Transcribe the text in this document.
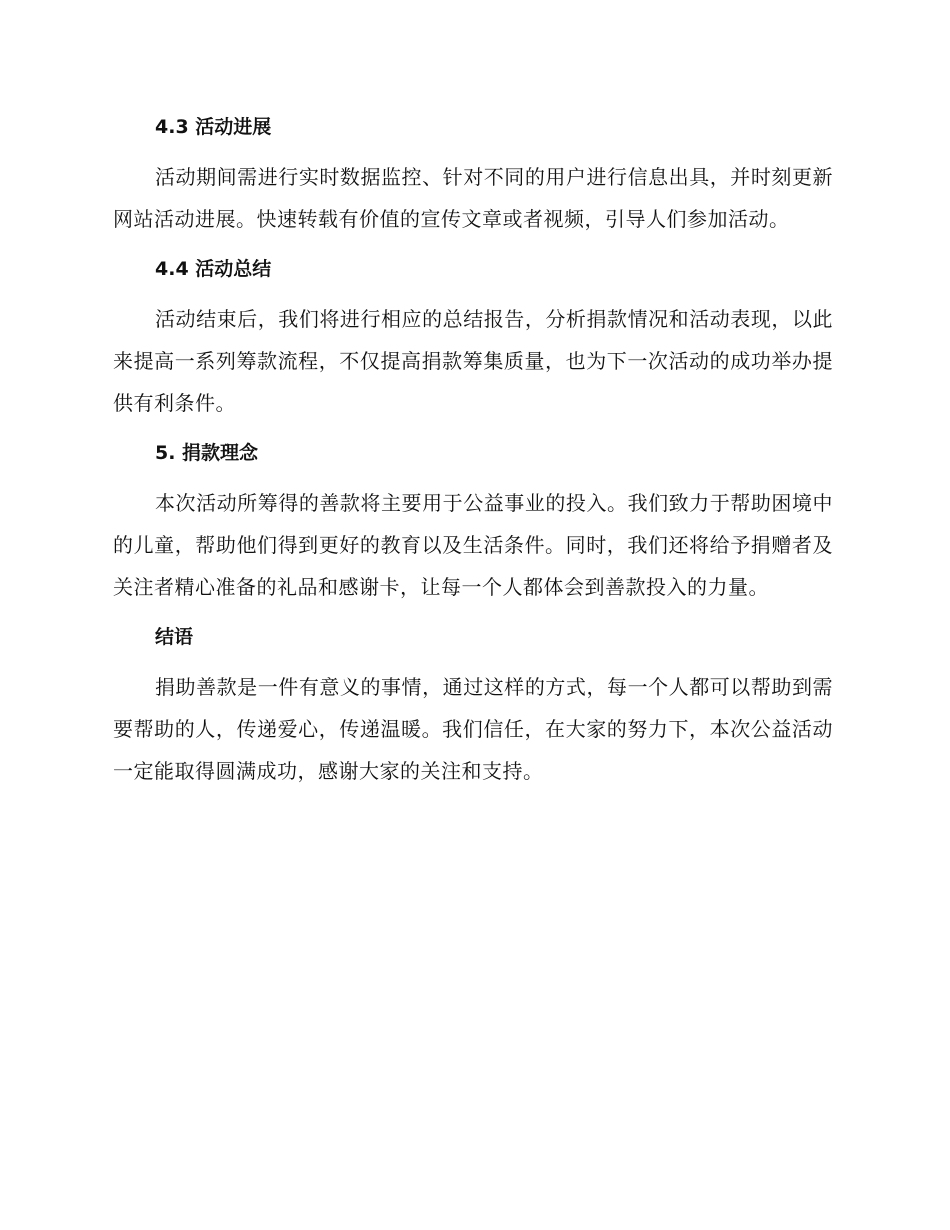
4.3 活动进展

活动期间需进行实时数据监控、针对不同的用户进行信息出具，并时刻更新网站活动进展。快速转载有价值的宣传文章或者视频，引导人们参加活动。

4.4 活动总结

活动结束后，我们将进行相应的总结报告，分析捐款情况和活动表现，以此来提高一系列筹款流程，不仅提高捐款筹集质量，也为下一次活动的成功举办提供有利条件。

5. 捐款理念

本次活动所筹得的善款将主要用于公益事业的投入。我们致力于帮助困境中的儿童，帮助他们得到更好的教育以及生活条件。同时，我们还将给予捐赠者及关注者精心准备的礼品和感谢卡，让每一个人都体会到善款投入的力量。

结语

捐助善款是一件有意义的事情，通过这样的方式，每一个人都可以帮助到需要帮助的人，传递爱心，传递温暖。我们信任，在大家的努力下，本次公益活动一定能取得圆满成功，感谢大家的关注和支持。
